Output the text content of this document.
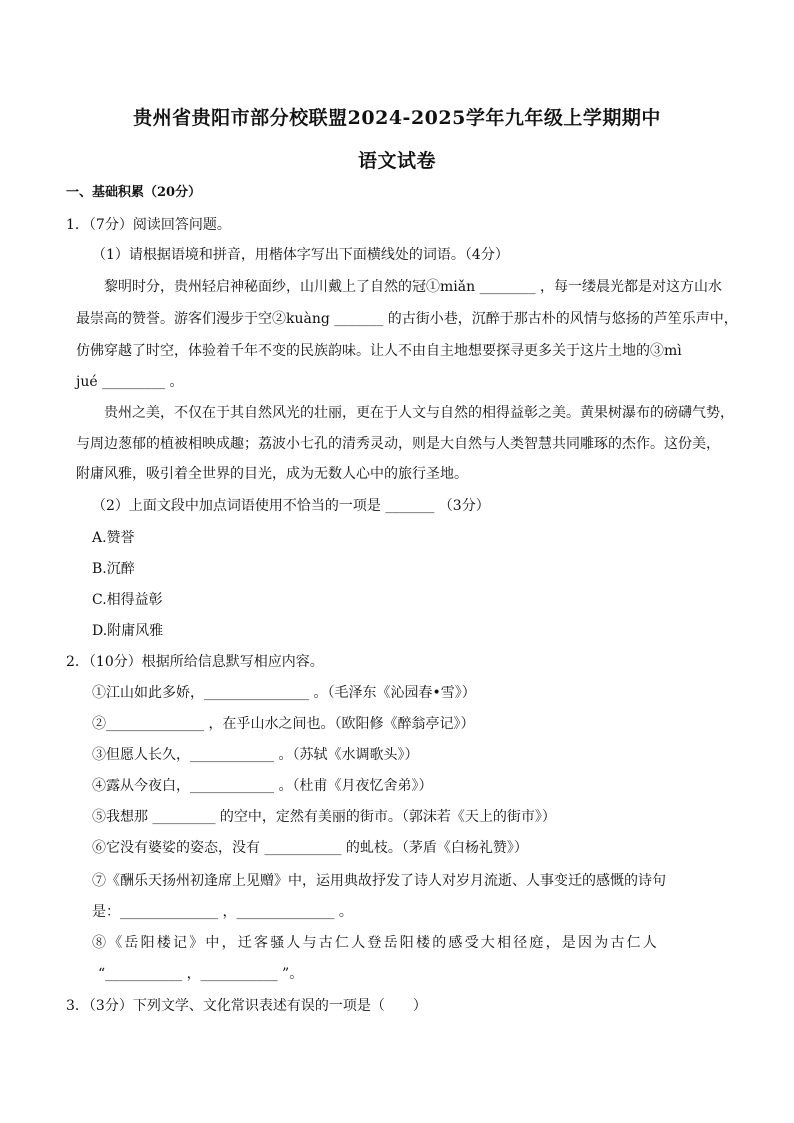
贵州省贵阳市部分校联盟2024-2025学年九年级上学期期中
语文试卷
一、基础积累（20分）
1．（7分）阅读回答问题。
（1）请根据语境和拼音，用楷体字写出下面横线处的词语。（4分）
黎明时分，贵州轻启神秘面纱，山川戴上了自然的冠①miǎn ________ ，每一缕晨光都是对这方山水
最崇高的赞誉。游客们漫步于空②kuàng _______ 的古街小巷，沉醉于那古朴的风情与悠扬的芦笙乐声中，
仿佛穿越了时空，体验着千年不变的民族韵味。让人不由自主地想要探寻更多关于这片土地的③mì
jué _________ 。
贵州之美，不仅在于其自然风光的壮丽，更在于人文与自然的相得益彰之美。黄果树瀑布的磅礴气势，
与周边葱郁的植被相映成趣；荔波小七孔的清秀灵动，则是大自然与人类智慧共同雕琢的杰作。这份美，
附庸风雅，吸引着全世界的目光，成为无数人心中的旅行圣地。
（2）上面文段中加点词语使用不恰当的一项是 _______ （3分）
A.赞誉
B.沉醉
C.相得益彰
D.附庸风雅
2．（10分）根据所给信息默写相应内容。
①江山如此多娇，_______________ 。（毛泽东《沁园春•雪》）
②______________ ，在乎山水之间也。（欧阳修《醉翁亭记》）
③但愿人长久，____________ 。（苏轼《水调歌头》）
④露从今夜白，____________ 。（杜甫《月夜忆舍弟》）
⑤我想那 _________ 的空中，定然有美丽的街市。（郭沫若《天上的街市》）
⑥它没有婆娑的姿态，没有 ___________ 的虬枝。（茅盾《白杨礼赞》）
⑦《酬乐天扬州初逢席上见赠》中，运用典故抒发了诗人对岁月流逝、人事变迁的感慨的诗句
是：______________ ，______________ 。
⑧《岳阳楼记》中，迁客骚人与古仁人登岳阳楼的感受大相径庭，是因为古仁人
“___________ ，___________ ”。
3．（3分）下列文学、文化常识表述有误的一项是（　　）
